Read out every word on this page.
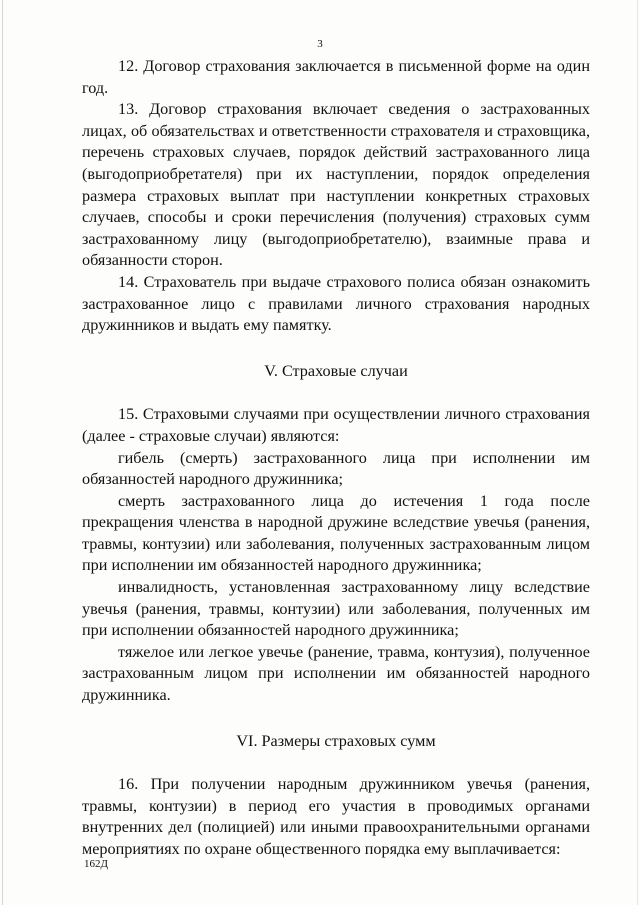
3

12. Договор страхования заключается в письменной форме на один год.

13. Договор страхования включает сведения о застрахованных лицах, об обязательствах и ответственности страхователя и страховщика, перечень страховых случаев, порядок действий застрахованного лица (выгодоприобретателя) при их наступлении, порядок определения размера страховых выплат при наступлении конкретных страховых случаев, способы и сроки перечисления (получения) страховых сумм застрахованному лицу (выгодоприобретателю), взаимные права и обязанности сторон.

14. Страхователь при выдаче страхового полиса обязан ознакомить застрахованное лицо с правилами личного страхования народных дружинников и выдать ему памятку.

V. Страховые случаи

15. Страховыми случаями при осуществлении личного страхования (далее - страховые случаи) являются:

гибель (смерть) застрахованного лица при исполнении им обязанностей народного дружинника;

смерть застрахованного лица до истечения 1 года после прекращения членства в народной дружине вследствие увечья (ранения, травмы, контузии) или заболевания, полученных застрахованным лицом при исполнении им обязанностей народного дружинника;

инвалидность, установленная застрахованному лицу вследствие увечья (ранения, травмы, контузии) или заболевания, полученных им при исполнении обязанностей народного дружинника;

тяжелое или легкое увечье (ранение, травма, контузия), полученное застрахованным лицом при исполнении им обязанностей народного дружинника.

VI. Размеры страховых сумм

16. При получении народным дружинником увечья (ранения, травмы, контузии) в период его участия в проводимых органами внутренних дел (полицией) или иными правоохранительными органами мероприятиях по охране общественного порядка ему выплачивается:

162Д
